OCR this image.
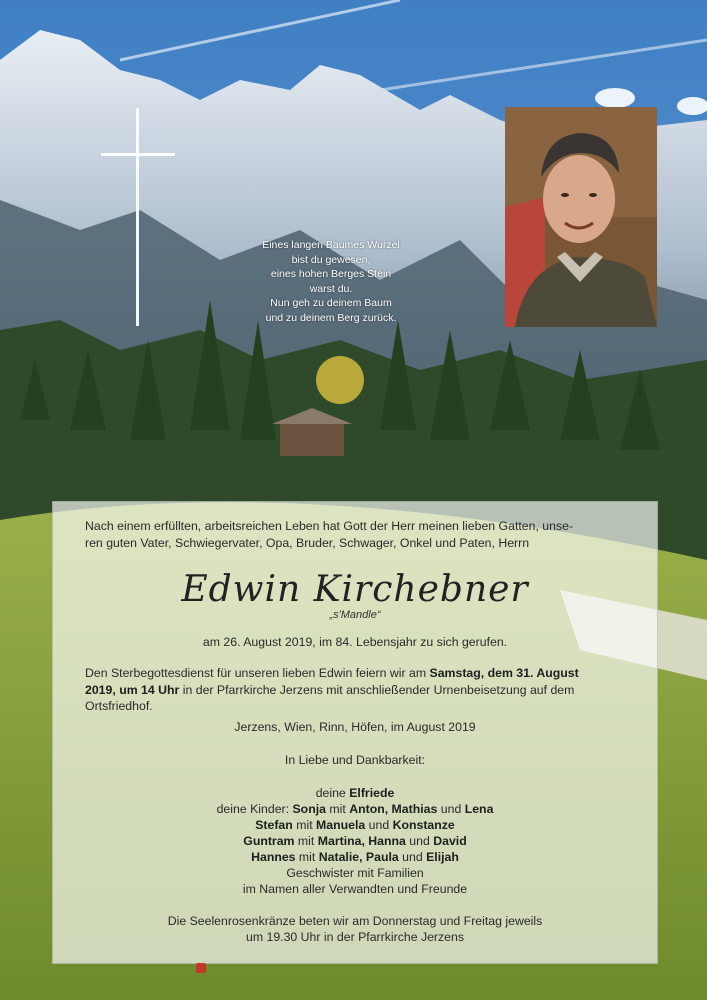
Eines langen Baumes Wurzel
bist du gewesen,
eines hohen Berges Stein
warst du.
Nun geh zu deinem Baum
und zu deinem Berg zurück.
Nach einem erfüllten, arbeitsreichen Leben hat Gott der Herr meinen lieben Gatten, unse-
ren guten Vater, Schwiegervater, Opa, Bruder, Schwager, Onkel und Paten, Herrn
Edwin Kirchebner
„s'Mandle“
am 26. August 2019, im 84. Lebensjahr zu sich gerufen.
Den Sterbegottesdienst für unseren lieben Edwin feiern wir am Samstag, dem 31. August
2019, um 14 Uhr in der Pfarrkirche Jerzens mit anschließender Urnenbeisetzung auf dem
Ortsfriedhof.
Jerzens, Wien, Rinn, Höfen, im August 2019
In Liebe und Dankbarkeit:
deine Elfriede
deine Kinder: Sonja mit Anton, Mathias und Lena
Stefan mit Manuela und Konstanze
Guntram mit Martina, Hanna und David
Hannes mit Natalie, Paula und Elijah
Geschwister mit Familien
im Namen aller Verwandten und Freunde
Die Seelenrosenkränze beten wir am Donnerstag und Freitag jeweils
um 19.30 Uhr in der Pfarrkirche Jerzens
